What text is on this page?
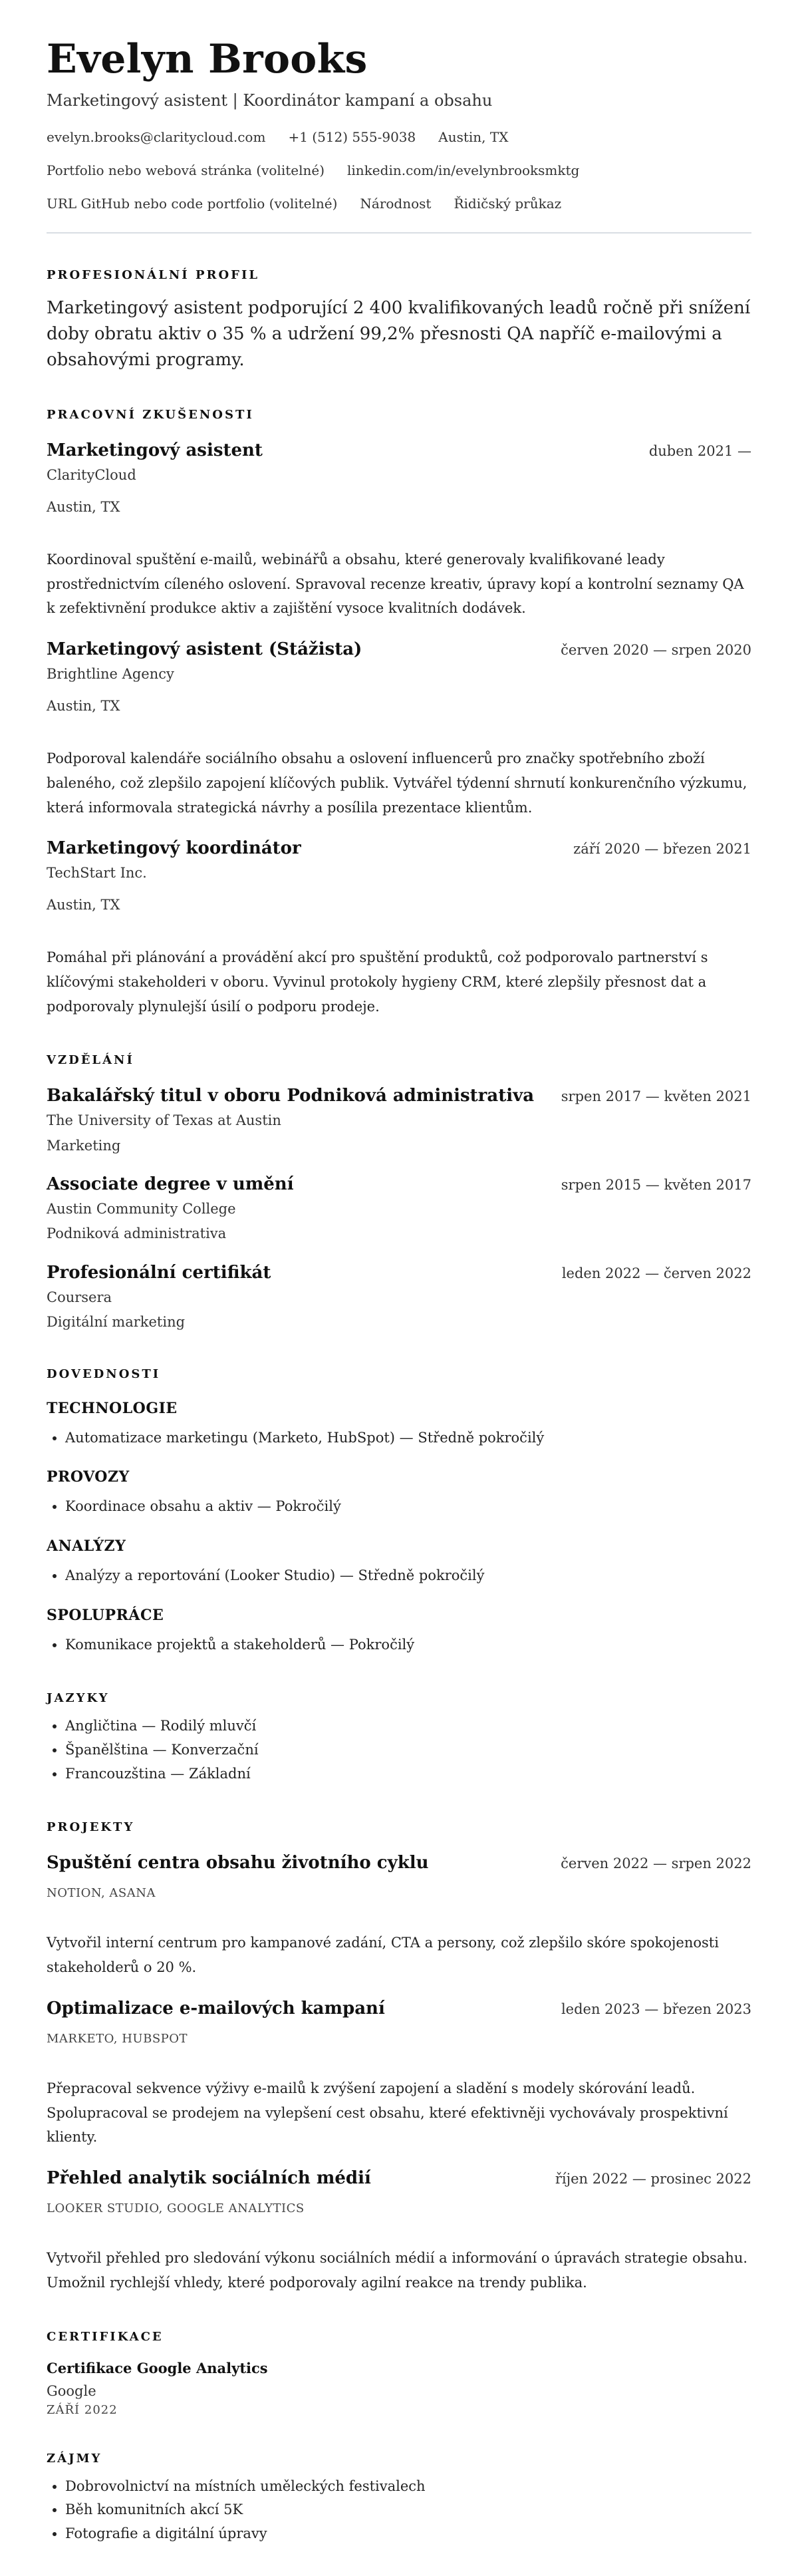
Evelyn Brooks
Marketingový asistent | Koordinátor kampaní a obsahu
evelyn.brooks@claritycloud.com +1 (512) 555-9038 Austin, TX
Portfolio nebo webová stránka (volitelné) linkedin.com/in/evelynbrooksmktg
URL GitHub nebo code portfolio (volitelné) Národnost Řidičský průkaz
PROFESIONÁLNÍ PROFIL
Marketingový asistent podporující 2 400 kvalifikovaných leadů ročně při snížení doby obratu aktiv o 35 % a udržení 99,2% přesnosti QA napříč e-mailovými a obsahovými programy.
PRACOVNÍ ZKUŠENOSTI
Marketingový asistent	duben 2021 —
ClarityCloud
Austin, TX
Koordinoval spuštění e-mailů, webinářů a obsahu, které generovaly kvalifikované leady prostřednictvím cíleného oslovení. Spravoval recenze kreativ, úpravy kopí a kontrolní seznamy QA k zefektivnění produkce aktiv a zajištění vysoce kvalitních dodávek.
Marketingový asistent (Stážista)	červen 2020 — srpen 2020
Brightline Agency
Austin, TX
Podporoval kalendáře sociálního obsahu a oslovení influencerů pro značky spotřebního zboží baleného, což zlepšilo zapojení klíčových publik. Vytvářel týdenní shrnutí konkurenčního výzkumu, která informovala strategická návrhy a posílila prezentace klientům.
Marketingový koordinátor	září 2020 — březen 2021
TechStart Inc.
Austin, TX
Pomáhal při plánování a provádění akcí pro spuštění produktů, což podporovalo partnerství s klíčovými stakeholderi v oboru. Vyvinul protokoly hygieny CRM, které zlepšily přesnost dat a podporovaly plynulejší úsilí o podporu prodeje.
VZDĚLÁNÍ
Bakalářský titul v oboru Podniková administrativa srpen 2017 — květen 2021
The University of Texas at Austin
Marketing
Associate degree v umění	srpen 2015 — květen 2017
Austin Community College
Podniková administrativa
Profesionální certifikát	leden 2022 — červen 2022
Coursera
Digitální marketing
DOVEDNOSTI
TECHNOLOGIE
• Automatizace marketingu (Marketo, HubSpot) — Středně pokročilý
PROVOZY
• Koordinace obsahu a aktiv — Pokročilý
ANALÝZY
• Analýzy a reportování (Looker Studio) — Středně pokročilý
SPOLUPRÁCE
• Komunikace projektů a stakeholderů — Pokročilý
JAZYKY
• Angličtina — Rodilý mluvčí
• Španělština — Konverzační
• Francouzština — Základní
PROJEKTY
Spuštění centra obsahu životního cyklu	červen 2022 — srpen 2022
NOTION, ASANA
Vytvořil interní centrum pro kampanové zadání, CTA a persony, což zlepšilo skóre spokojenosti stakeholderů o 20 %.
Optimalizace e-mailových kampaní	leden 2023 — březen 2023
MARKETO, HUBSPOT
Přepracoval sekvence výživy e-mailů k zvýšení zapojení a sladění s modely skórování leadů. Spolupracoval se prodejem na vylepšení cest obsahu, které efektivněji vychovávaly prospektivní klienty.
Přehled analytik sociálních médií	říjen 2022 — prosinec 2022
LOOKER STUDIO, GOOGLE ANALYTICS
Vytvořil přehled pro sledování výkonu sociálních médií a informování o úpravách strategie obsahu. Umožnil rychlejší vhledy, které podporovaly agilní reakce na trendy publika.
CERTIFIKACE
Certifikace Google Analytics
Google
ZÁŘÍ 2022
ZÁJMY
• Dobrovolnictví na místních uměleckých festivalech
• Běh komunitních akcí 5K
• Fotografie a digitální úpravy
